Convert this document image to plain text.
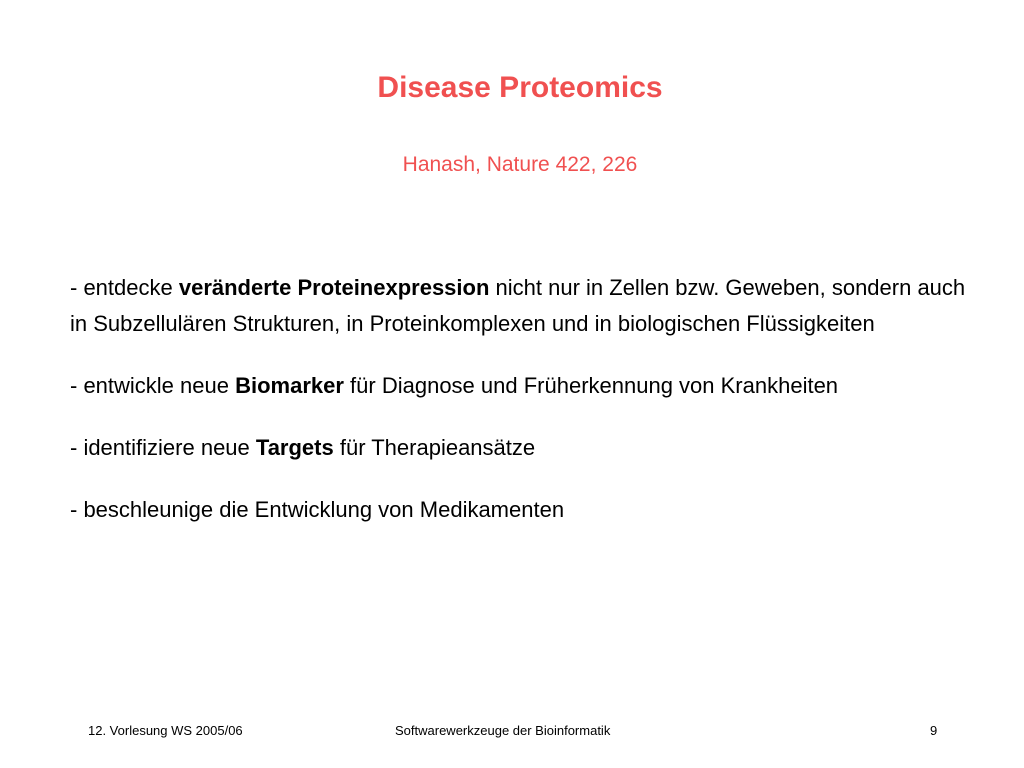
Disease Proteomics
Hanash, Nature 422, 226

- entdecke veränderte Proteinexpression nicht nur in Zellen bzw. Geweben, sondern auch in Subzellulären Strukturen, in Proteinkomplexen und in biologischen Flüssigkeiten

- entwickle neue Biomarker für Diagnose und Früherkennung von Krankheiten

- identifiziere neue Targets für Therapieansätze

- beschleunige die Entwicklung von Medikamenten

12. Vorlesung WS 2005/06	Softwarewerkzeuge der Bioinformatik	9
